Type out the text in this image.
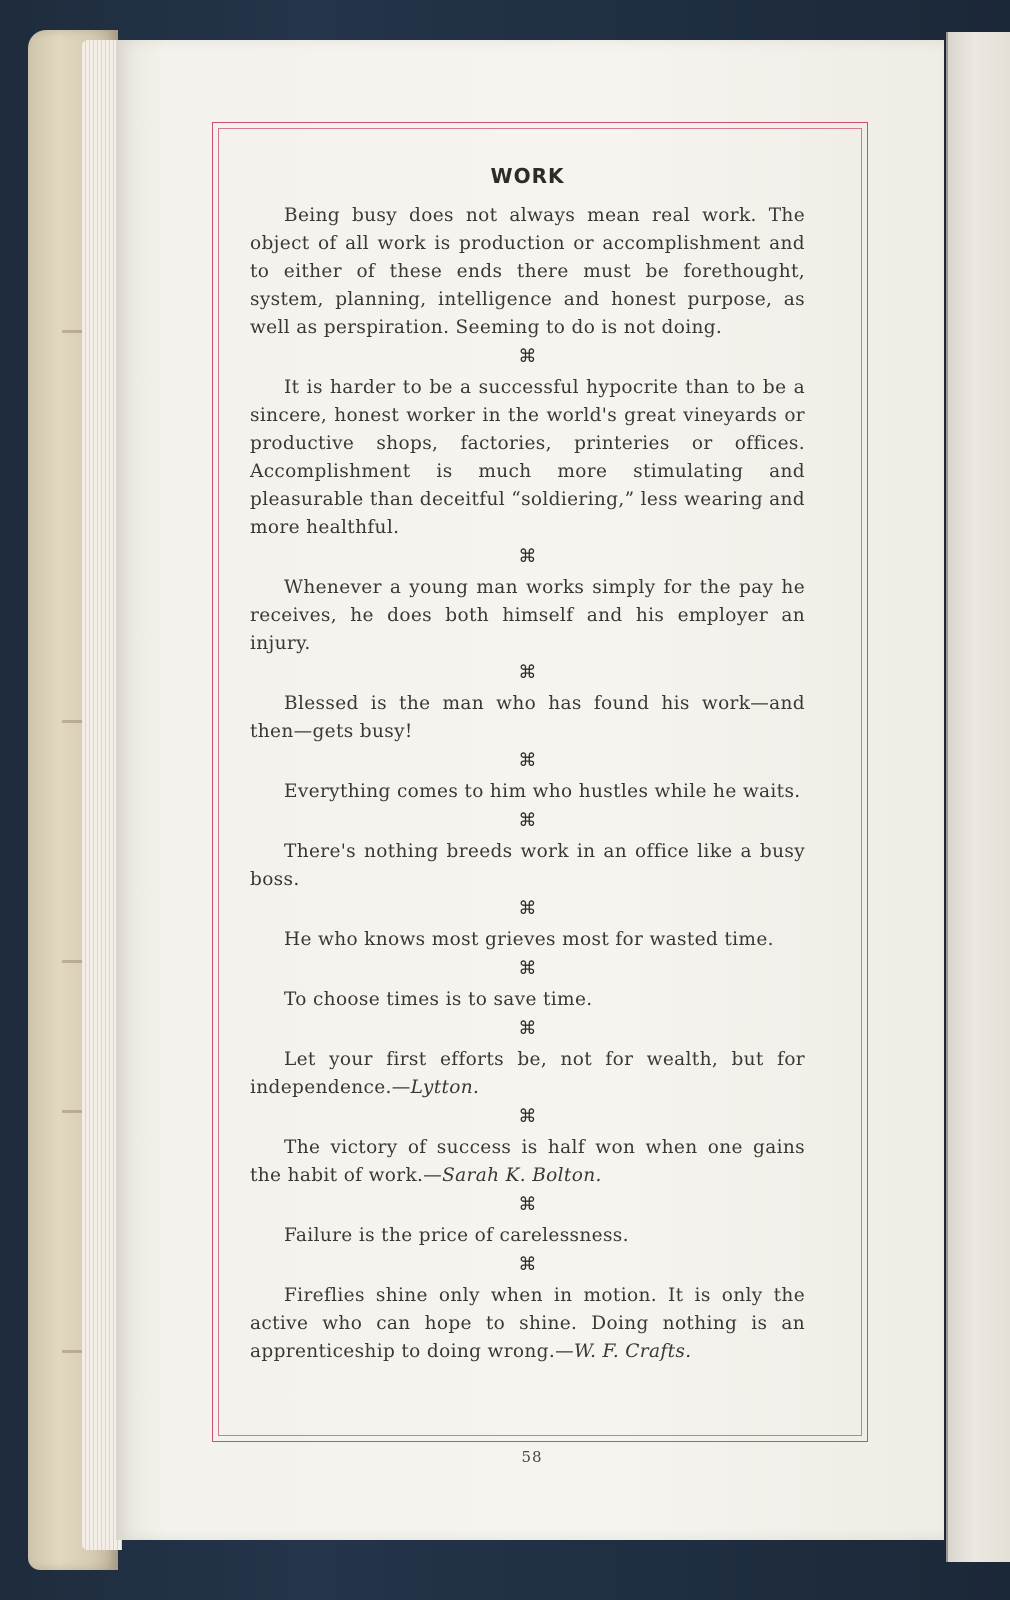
WORK

Being busy does not always mean real work. The object of all work is production or accomplishment and to either of these ends there must be forethought, system, planning, intelligence and honest purpose, as well as perspiration. Seeming to do is not doing.

⌘

It is harder to be a successful hypocrite than to be a sincere, honest worker in the world's great vineyards or productive shops, factories, printeries or offices. Accomplishment is much more stimulating and pleasurable than deceitful “soldiering,” less wearing and more healthful.

⌘

Whenever a young man works simply for the pay he receives, he does both himself and his employer an injury.

⌘

Blessed is the man who has found his work—and then—gets busy!

⌘

Everything comes to him who hustles while he waits.

⌘

There's nothing breeds work in an office like a busy boss.

⌘

He who knows most grieves most for wasted time.

⌘

To choose times is to save time.

⌘

Let your first efforts be, not for wealth, but for independence.—Lytton.

⌘

The victory of success is half won when one gains the habit of work.—Sarah K. Bolton.

⌘

Failure is the price of carelessness.

⌘

Fireflies shine only when in motion. It is only the active who can hope to shine. Doing nothing is an apprenticeship to doing wrong.—W. F. Crafts.

58
